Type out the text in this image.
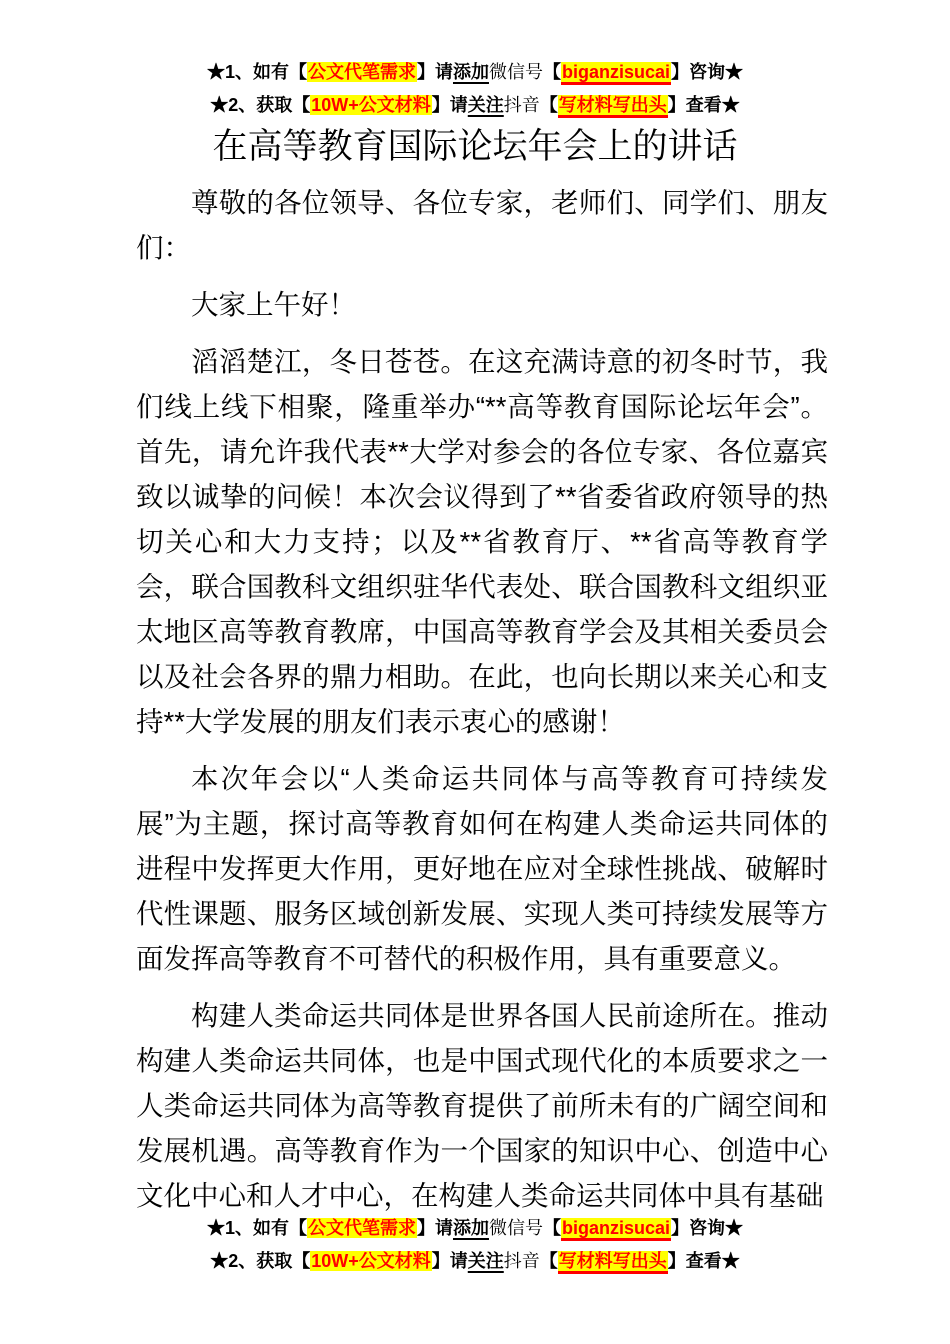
★1、如有【公文代笔需求】请添加微信号【biganzisucai】咨询★
★2、获取【10W+公文材料】请关注抖音【写材料写出头】查看★
在高等教育国际论坛年会上的讲话

尊敬的各位领导、各位专家，老师们、同学们、朋友们：

大家上午好！

滔滔楚江，冬日苍苍。在这充满诗意的初冬时节，我们线上线下相聚，隆重举办“**高等教育国际论坛年会”。首先，请允许我代表**大学对参会的各位专家、各位嘉宾致以诚挚的问候！本次会议得到了**省委省政府领导的热切关心和大力支持；以及**省教育厅、**省高等教育学会，联合国教科文组织驻华代表处、联合国教科文组织亚太地区高等教育教席，中国高等教育学会及其相关委员会以及社会各界的鼎力相助。在此，也向长期以来关心和支持**大学发展的朋友们表示衷心的感谢！

本次年会以“人类命运共同体与高等教育可持续发展”为主题，探讨高等教育如何在构建人类命运共同体的进程中发挥更大作用，更好地在应对全球性挑战、破解时代性课题、服务区域创新发展、实现人类可持续发展等方面发挥高等教育不可替代的积极作用，具有重要意义。

构建人类命运共同体是世界各国人民前途所在。推动构建人类命运共同体，也是中国式现代化的本质要求之一人类命运共同体为高等教育提供了前所未有的广阔空间和发展机遇。高等教育作为一个国家的知识中心、创造中心文化中心和人才中心，在构建人类命运共同体中具有基础

★1、如有【公文代笔需求】请添加微信号【biganzisucai】咨询★
★2、获取【10W+公文材料】请关注抖音【写材料写出头】查看★
